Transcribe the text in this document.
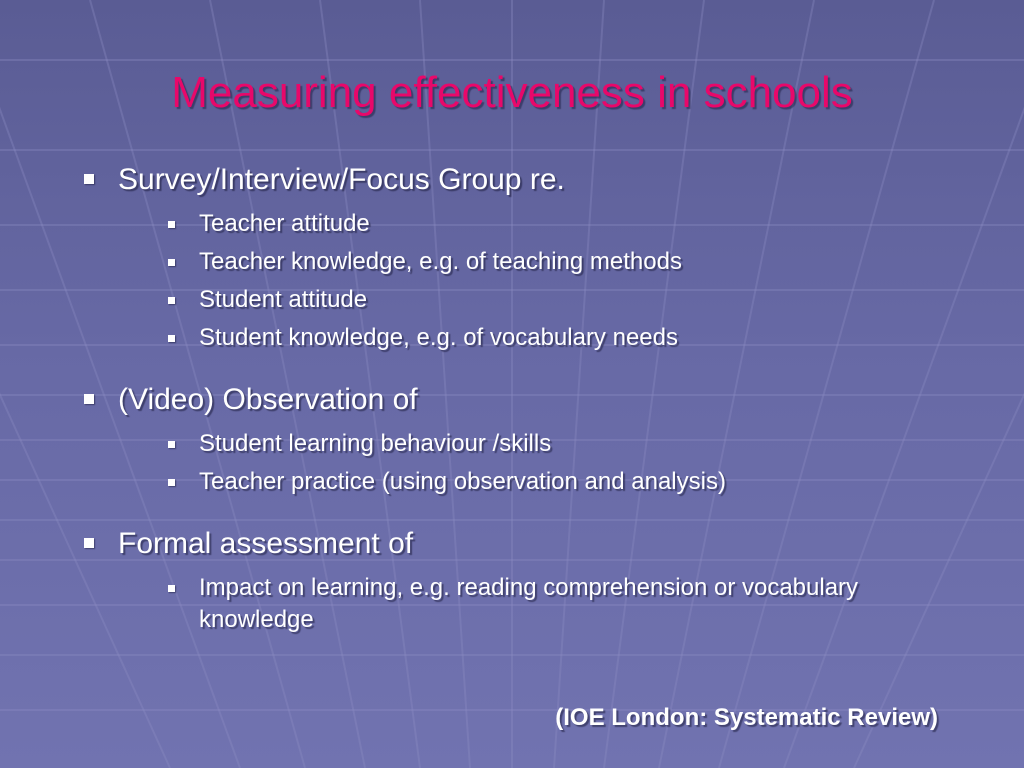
Measuring effectiveness in schools
Survey/Interview/Focus Group re.
Teacher attitude
Teacher knowledge, e.g. of teaching methods
Student attitude
Student knowledge, e.g. of vocabulary needs
(Video) Observation of
Student learning behaviour /skills
Teacher practice (using observation and analysis)
Formal assessment of
Impact on learning, e.g. reading comprehension or vocabulary knowledge
(IOE London: Systematic Review)
